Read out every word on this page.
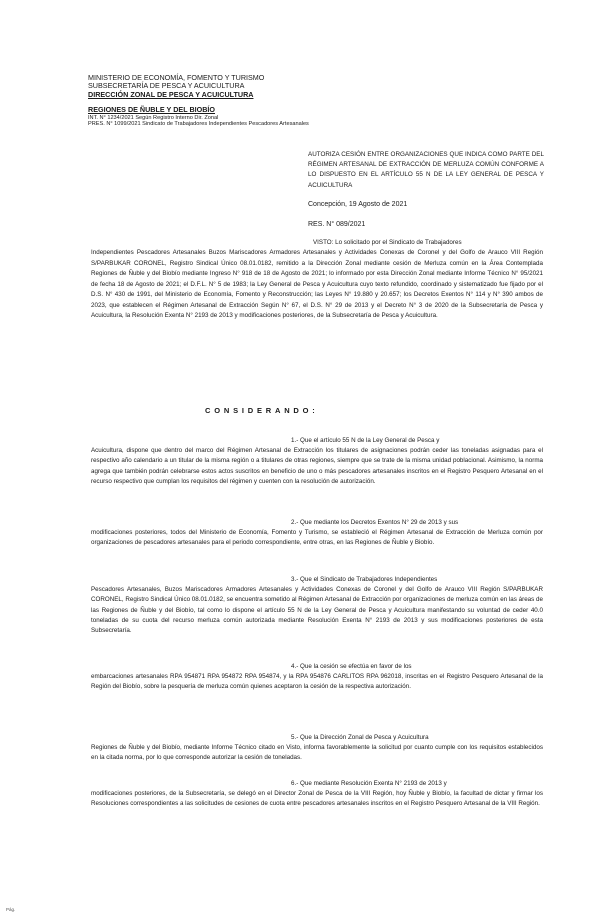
MINISTERIO DE ECONOMÍA, FOMENTO Y TURISMO
SUBSECRETARÍA DE PESCA Y ACUICULTURA
DIRECCIÓN ZONAL DE PESCA Y ACUICULTURA
REGIONES DE ÑUBLE Y DEL BIOBÍO
INT. N° 1234/2021 Según Registro Interno Dir. Zonal
PRES. N° 1099/2021 Sindicato de Trabajadores Independientes Pescadores Artesanales
AUTORIZA CESIÓN ENTRE ORGANIZACIONES QUE INDICA COMO PARTE DEL RÉGIMEN ARTESANAL DE EXTRACCIÓN DE MERLUZA COMÚN CONFORME A LO DISPUESTO EN EL ARTÍCULO 55 N DE LA LEY GENERAL DE PESCA Y ACUICULTURA
Concepción, 19 Agosto de 2021
RES. N° 089/2021
VISTO: Lo solicitado por el Sindicato de Trabajadores
Independientes Pescadores Artesanales Buzos Mariscadores Armadores Artesanales y Actividades Conexas de Coronel y del Golfo de Arauco VIII Región S/PARBUKAR CORONEL, Registro Sindical Único 08.01.0182, remitido a la Dirección Zonal mediante cesión de Merluza común en la Área Contemplada Regiones de Ñuble y del Biobío mediante Ingreso N° 918 de 18 de Agosto de 2021; lo informado por esta Dirección Zonal mediante Informe Técnico N° 95/2021 de fecha 18 de Agosto de 2021; el D.F.L. N° 5 de 1983; la Ley General de Pesca y Acuicultura cuyo texto refundido, coordinado y sistematizado fue fijado por el D.S. N° 430 de 1991, del Ministerio de Economía, Fomento y Reconstrucción; las Leyes N° 19.880 y 20.657; los Decretos Exentos N° 114 y N° 390 ambos de 2023, que establecen el Régimen Artesanal de Extracción Según N° 67, el D.S. N° 29 de 2013 y el Decreto N° 3 de 2020 de la Subsecretaría de Pesca y Acuicultura, la Resolución Exenta N° 2193 de 2013 y modificaciones posteriores, de la Subsecretaría de Pesca y Acuicultura.
CONSIDERANDO:
1.- Que el artículo 55 N de la Ley General de Pesca y
Acuicultura, dispone que dentro del marco del Régimen Artesanal de Extracción los titulares de asignaciones podrán ceder las toneladas asignadas para el respectivo año calendario a un titular de la misma región o a titulares de otras regiones, siempre que se trate de la misma unidad poblacional. Asimismo, la norma agrega que también podrán celebrarse estos actos suscritos en beneficio de uno o más pescadores artesanales inscritos en el Registro Pesquero Artesanal en el recurso respectivo que cumplan los requisitos del régimen y cuenten con la resolución de autorización.
2.- Que mediante los Decretos Exentos N° 29 de 2013 y sus
modificaciones posteriores, todos del Ministerio de Economía, Fomento y Turismo, se estableció el Régimen Artesanal de Extracción de Merluza común por organizaciones de pescadores artesanales para el periodo correspondiente, entre otras, en las Regiones de Ñuble y Biobío.
3.- Que el Sindicato de Trabajadores Independientes
Pescadores Artesanales, Buzos Mariscadores Armadores Artesanales y Actividades Conexas de Coronel y del Golfo de Arauco VIII Región S/PARBUKAR CORONEL, Registro Sindical Único 08.01.0182, se encuentra sometido al Régimen Artesanal de Extracción por organizaciones de merluza común en las áreas de las Regiones de Ñuble y del Biobío, tal como lo dispone el artículo 55 N de la Ley General de Pesca y Acuicultura manifestando su voluntad de ceder 40.0 toneladas de su cuota del recurso merluza común autorizada mediante Resolución Exenta N° 2193 de 2013 y sus modificaciones posteriores de esta Subsecretaría.
4.- Que la cesión se efectúa en favor de los
embarcaciones artesanales RPA 954871 RPA 954872 RPA 954874, y la RPA 954876 CARLITOS RPA 962018, inscritas en el Registro Pesquero Artesanal de la Región del Biobío, sobre la pesquería de merluza común quienes aceptaron la cesión de la respectiva autorización.
5.- Que la Dirección Zonal de Pesca y Acuicultura
Regiones de Ñuble y del Biobío, mediante Informe Técnico citado en Visto, informa favorablemente la solicitud por cuanto cumple con los requisitos establecidos en la citada norma, por lo que corresponde autorizar la cesión de toneladas.
6.- Que mediante Resolución Exenta N° 2193 de 2013 y
modificaciones posteriores, de la Subsecretaría, se delegó en el Director Zonal de Pesca de la VIII Región, hoy Ñuble y Biobío, la facultad de dictar y firmar los Resoluciones correspondientes a las solicitudes de cesiones de cuota entre pescadores artesanales inscritos en el Registro Pesquero Artesanal de la VIII Región.
Pág.
